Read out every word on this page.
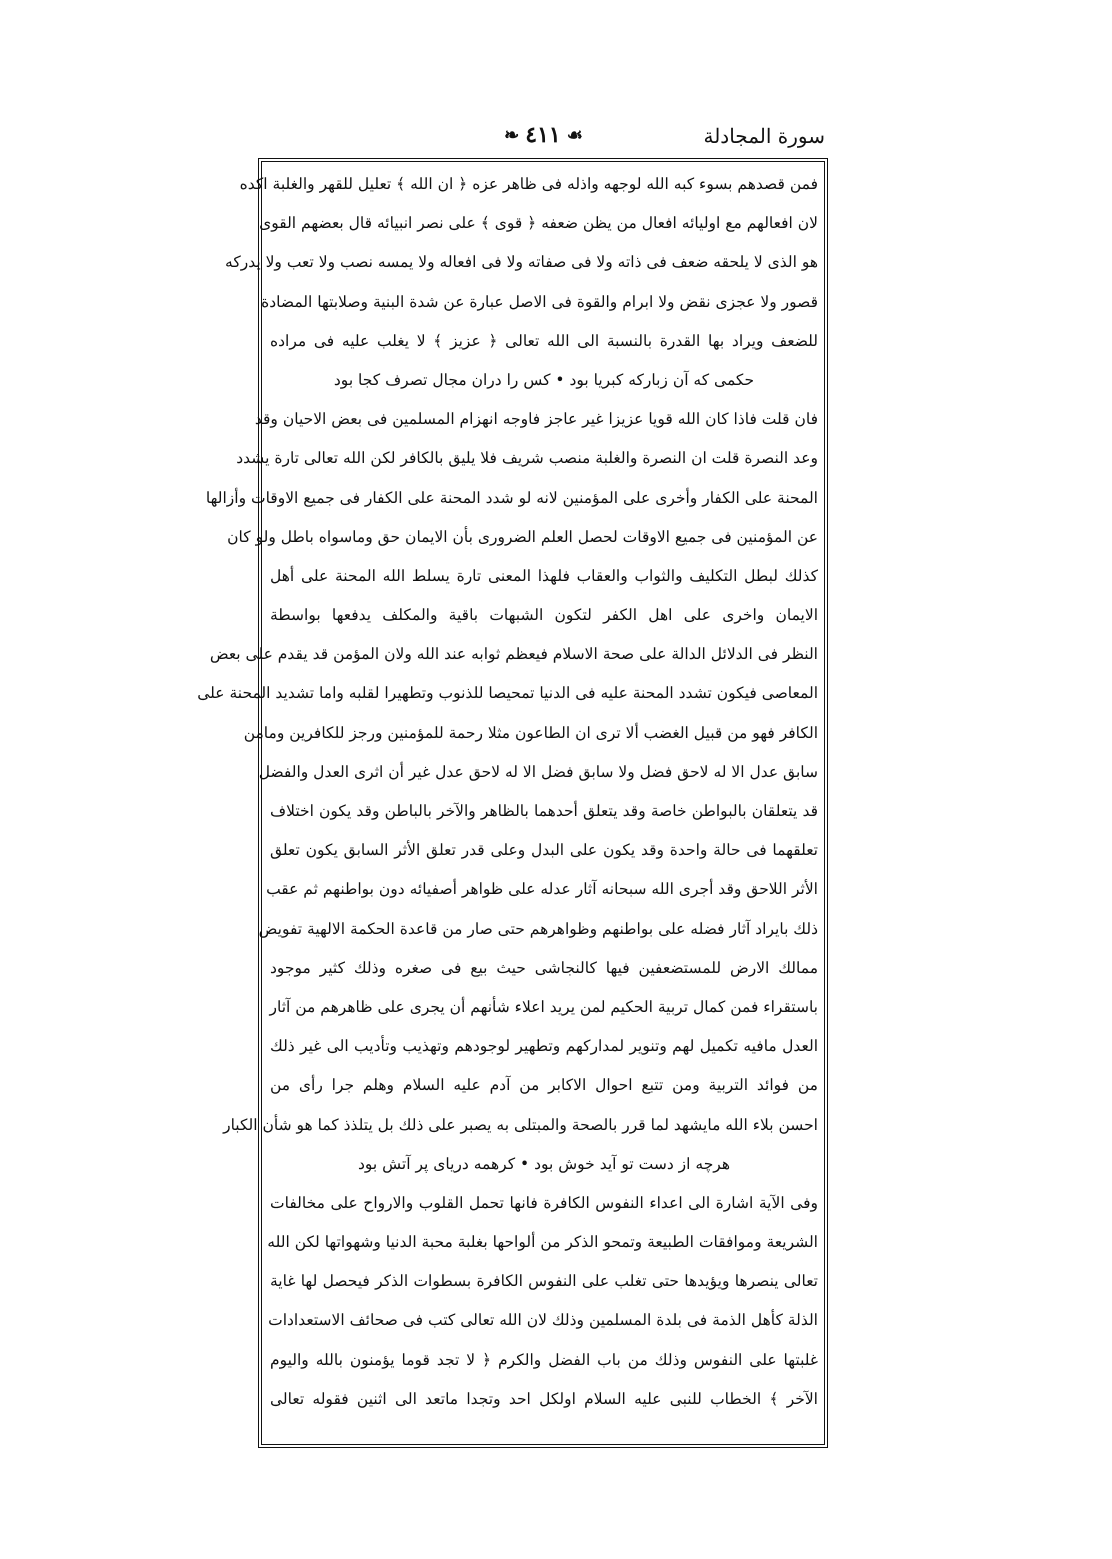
سورة المجادلة
❧ ٤١١ ☙
فمن قصدهم بسوء كبه الله لوجهه واذله فى ظاهر عزه ﴿ ان الله ﴾ تعليل للقهر والغلبة اكده
لان افعالهم مع اوليائه افعال من يظن ضعفه ﴿ قوى ﴾ على نصر انبيائه قال بعضهم القوى
هو الذى لا يلحقه ضعف فى ذاته ولا فى صفاته ولا فى افعاله ولا يمسه نصب ولا تعب ولا يدركه
قصور ولا عجزى نقض ولا ابرام والقوة فى الاصل عبارة عن شدة البنية وصلابتها المضادة
للضعف ويراد بها القدرة بالنسبة الى الله تعالى ﴿ عزيز ﴾ لا يغلب عليه فى مراده
حكمى كه آن زباركه كبريا بود • كس را دران مجال تصرف كجا بود
فان قلت فاذا كان الله قويا عزيزا غير عاجز فاوجه انهزام المسلمين فى بعض الاحيان وقد
وعد النصرة قلت ان النصرة والغلبة منصب شريف فلا يليق بالكافر لكن الله تعالى تارة يشدد
المحنة على الكفار وأخرى على المؤمنين لانه لو شدد المحنة على الكفار فى جميع الاوقات وأزالها
عن المؤمنين فى جميع الاوقات لحصل العلم الضرورى بأن الايمان حق وماسواه باطل ولو كان
كذلك لبطل التكليف والثواب والعقاب فلهذا المعنى تارة يسلط الله المحنة على أهل
الايمان واخرى على اهل الكفر لتكون الشبهات باقية والمكلف يدفعها بواسطة
النظر فى الدلائل الدالة على صحة الاسلام فيعظم ثوابه عند الله ولان المؤمن قد يقدم على بعض
المعاصى فيكون تشدد المحنة عليه فى الدنيا تمحيصا للذنوب وتطهيرا لقلبه واما تشديد المحنة على
الكافر فهو من قبيل الغضب ألا ترى ان الطاعون مثلا رحمة للمؤمنين ورجز للكافرين ومامن
سابق عدل الا له لاحق فضل ولا سابق فضل الا له لاحق عدل غير أن اثرى العدل والفضل
قد يتعلقان بالبواطن خاصة وقد يتعلق أحدهما بالظاهر والآخر بالباطن وقد يكون اختلاف
تعلقهما فى حالة واحدة وقد يكون على البدل وعلى قدر تعلق الأثر السابق يكون تعلق
الأثر اللاحق وقد أجرى الله سبحانه آثار عدله على ظواهر أصفيائه دون بواطنهم ثم عقب
ذلك بايراد آثار فضله على بواطنهم وظواهرهم حتى صار من قاعدة الحكمة الالهية تفويض
ممالك الارض للمستضعفين فيها كالنجاشى حيث بيع فى صغره وذلك كثير موجود
باستقراء فمن كمال تربية الحكيم لمن يريد اعلاء شأنهم أن يجرى على ظاهرهم من آثار
العدل مافيه تكميل لهم وتنوير لمداركهم وتطهير لوجودهم وتهذيب وتأديب الى غير ذلك
من فوائد التربية ومن تتبع احوال الاكابر من آدم عليه السلام وهلم جرا رأى من
احسن بلاء الله مايشهد لما قرر بالصحة والمبتلى به يصبر على ذلك بل يتلذذ كما هو شأن الكبار
هرچه از دست تو آيد خوش بود • كرهمه درياى پر آتش بود
وفى الآية اشارة الى اعداء النفوس الكافرة فانها تحمل القلوب والارواح على مخالفات
الشريعة وموافقات الطبيعة وتمحو الذكر من ألواحها بغلبة محبة الدنيا وشهواتها لكن الله
تعالى ينصرها ويؤيدها حتى تغلب على النفوس الكافرة بسطوات الذكر فيحصل لها غاية
الذلة كأهل الذمة فى بلدة المسلمين وذلك لان الله تعالى كتب فى صحائف الاستعدادات
غلبتها على النفوس وذلك من باب الفضل والكرم ﴿ لا تجد قوما يؤمنون بالله واليوم
الآخر ﴾ الخطاب للنبى عليه السلام اولكل احد وتجدا ماتعد الى اثنين فقوله تعالى
